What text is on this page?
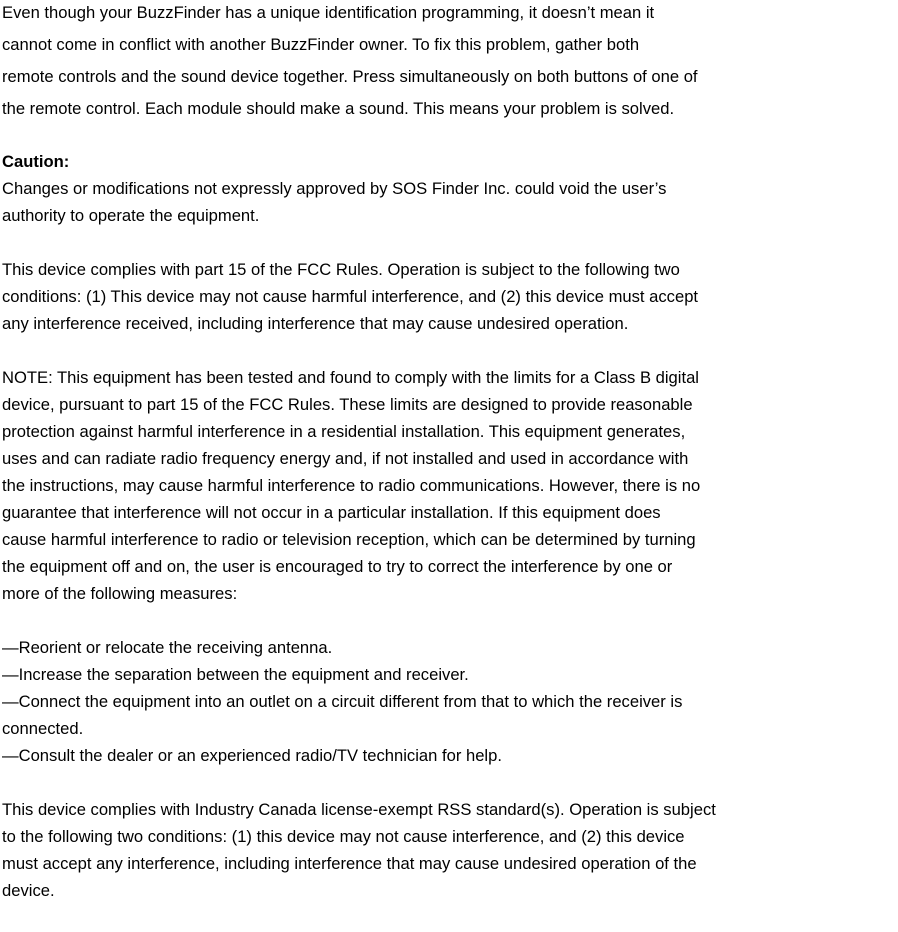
Even though your BuzzFinder has a unique identification programming, it doesn’t mean it

cannot come in conflict with another BuzzFinder owner. To fix this problem, gather both

remote controls and the sound device together. Press simultaneously on both buttons of one of

the remote control. Each module should make a sound. This means your problem is solved.

Caution:

Changes or modifications not expressly approved by SOS Finder Inc. could void the user’s

authority to operate the equipment.

This device complies with part 15 of the FCC Rules. Operation is subject to the following two

conditions: (1) This device may not cause harmful interference, and (2) this device must accept

any interference received, including interference that may cause undesired operation.

NOTE: This equipment has been tested and found to comply with the limits for a Class B digital

device, pursuant to part 15 of the FCC Rules. These limits are designed to provide reasonable

protection against harmful interference in a residential installation. This equipment generates,

uses and can radiate radio frequency energy and, if not installed and used in accordance with

the instructions, may cause harmful interference to radio communications. However, there is no

guarantee that interference will not occur in a particular installation. If this equipment does

cause harmful interference to radio or television reception, which can be determined by turning

the equipment off and on, the user is encouraged to try to correct the interference by one or

more of the following measures:

—Reorient or relocate the receiving antenna.

—Increase the separation between the equipment and receiver.

—Connect the equipment into an outlet on a circuit different from that to which the receiver is

connected.

—Consult the dealer or an experienced radio/TV technician for help.

This device complies with Industry Canada license-exempt RSS standard(s). Operation is subject

to the following two conditions: (1) this device may not cause interference, and (2) this device

must accept any interference, including interference that may cause undesired operation of the

device.
